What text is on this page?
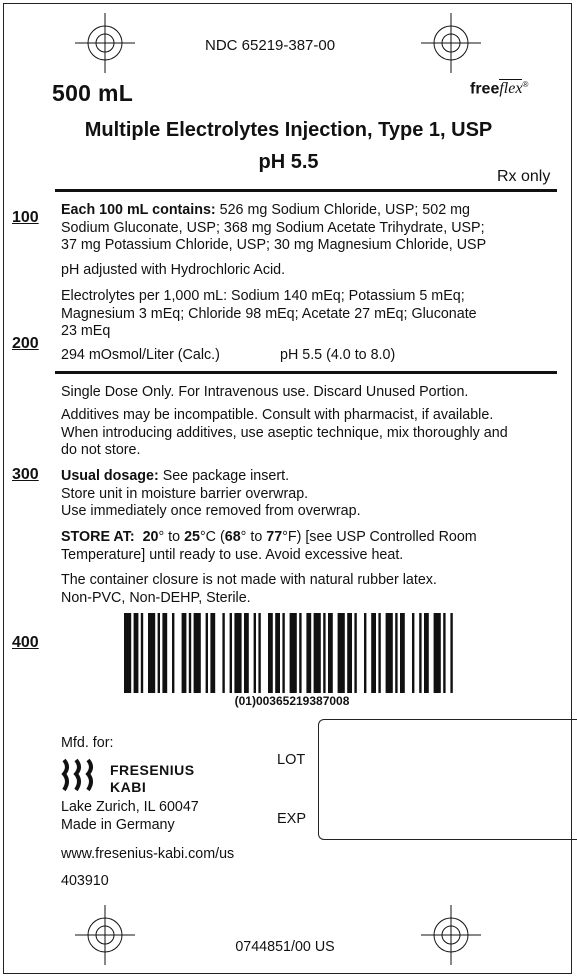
NDC 65219-387-00
500 mL	freeflex®
Multiple Electrolytes Injection, Type 1, USP
pH 5.5
Rx only
100
200
300
400
Each 100 mL contains: 526 mg Sodium Chloride, USP; 502 mg
Sodium Gluconate, USP; 368 mg Sodium Acetate Trihydrate, USP;
37 mg Potassium Chloride, USP; 30 mg Magnesium Chloride, USP
pH adjusted with Hydrochloric Acid.
Electrolytes per 1,000 mL: Sodium 140 mEq; Potassium 5 mEq;
Magnesium 3 mEq; Chloride 98 mEq; Acetate 27 mEq; Gluconate
23 mEq
294 mOsmol/Liter (Calc.)	pH 5.5 (4.0 to 8.0)
Single Dose Only. For Intravenous use. Discard Unused Portion.
Additives may be incompatible. Consult with pharmacist, if available.
When introducing additives, use aseptic technique, mix thoroughly and
do not store.
Usual dosage: See package insert.
Store unit in moisture barrier overwrap.
Use immediately once removed from overwrap.
STORE AT: 20° to 25°C (68° to 77°F) [see USP Controlled Room
Temperature] until ready to use. Avoid excessive heat.
The container closure is not made with natural rubber latex.
Non-PVC, Non-DEHP, Sterile.
(01)00365219387008
Mfd. for:
FRESENIUS
KABI
Lake Zurich, IL 60047
Made in Germany
www.fresenius-kabi.com/us
403910
LOT
EXP
0744851/00 US
